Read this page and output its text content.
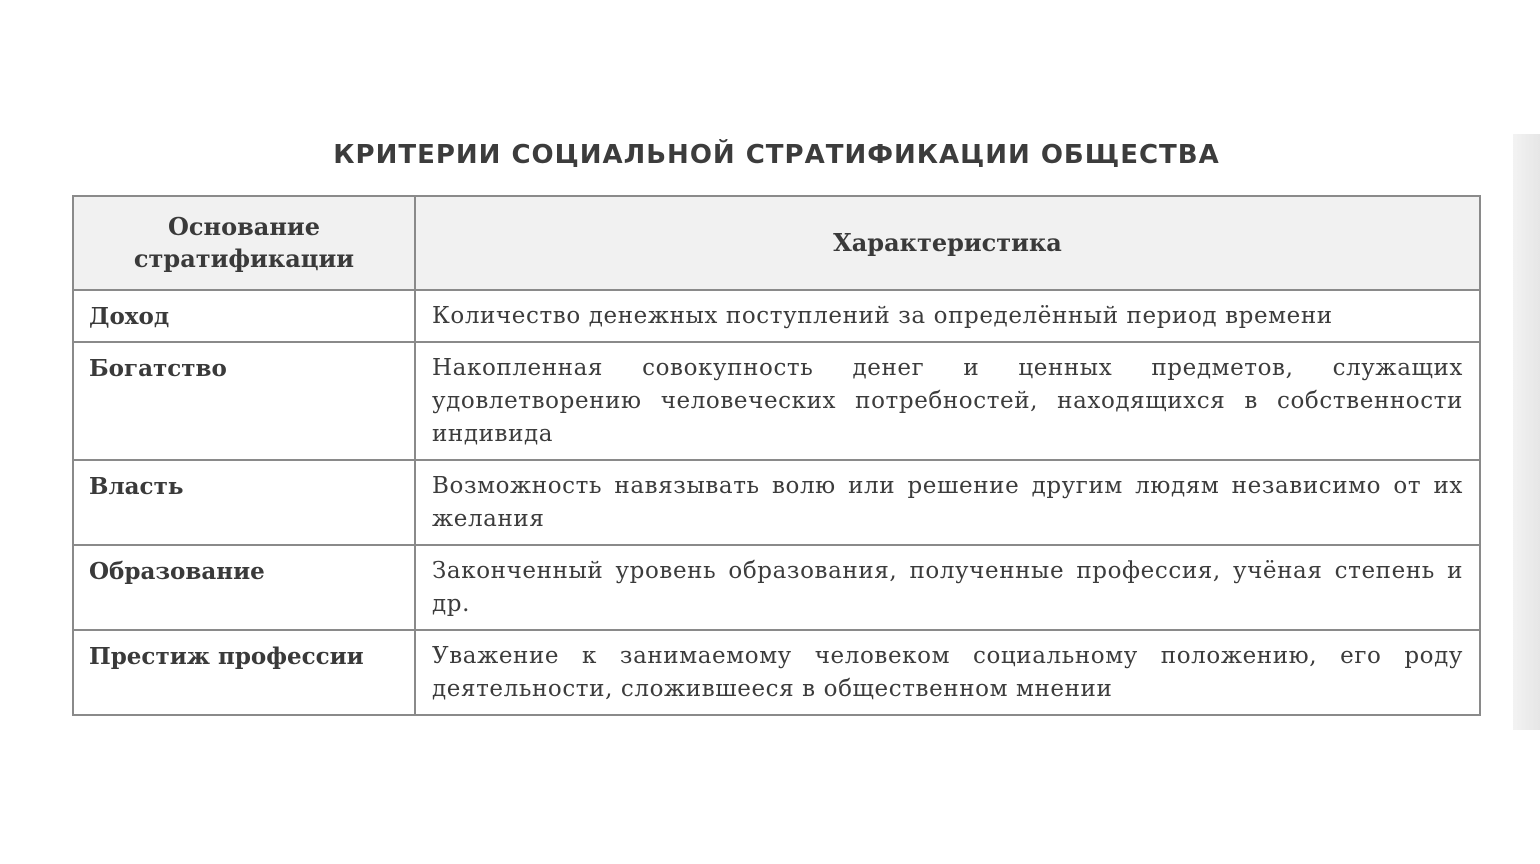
КРИТЕРИИ СОЦИАЛЬНОЙ СТРАТИФИКАЦИИ ОБЩЕСТВА
Основание
стратификации	Характеристика
Доход	Количество денежных поступлений за определённый период времени
Богатство	Накопленная совокупность денег и ценных предметов, служащих удовлетворению человеческих потребностей, находящихся в собственности индивида
Власть	Возможность навязывать волю или решение другим людям независимо от их желания
Образование	Законченный уровень образования, полученные профессия, учёная степень и др.
Престиж профессии	Уважение к занимаемому человеком социальному положению, его роду деятельности, сложившееся в общественном мнении
